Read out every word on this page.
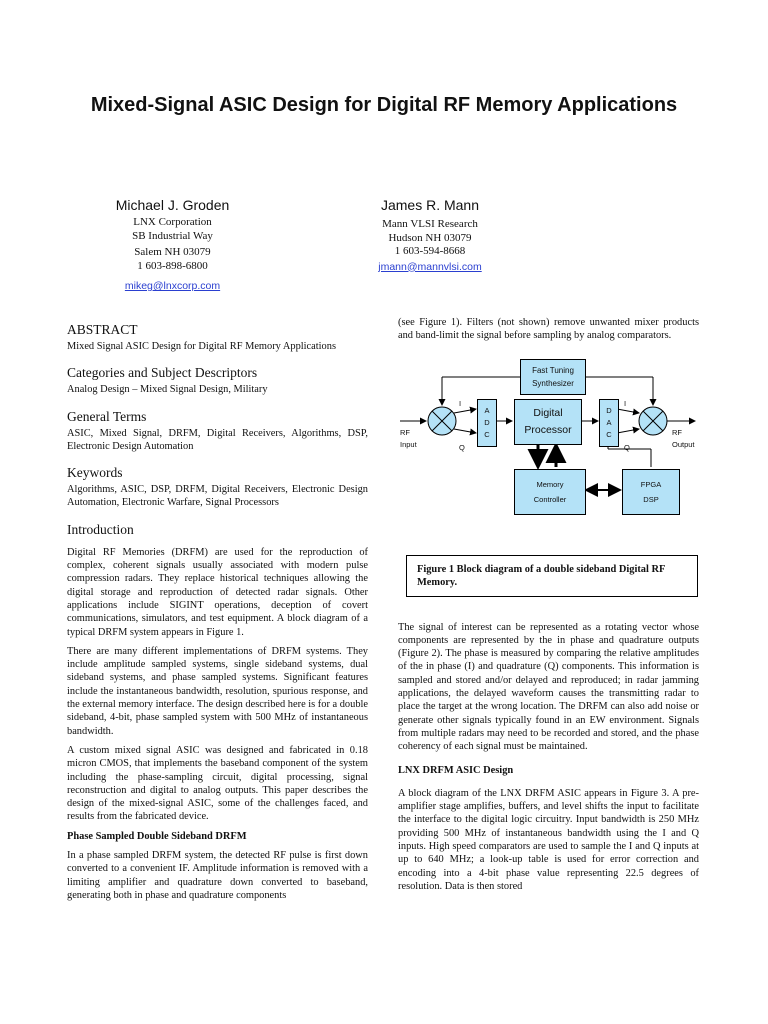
Mixed-Signal ASIC Design for Digital RF Memory Applications
Michael J. Groden
LNX Corporation
SB Industrial Way
Salem NH 03079
1 603-898-6800
mikeg@lnxcorp.com
James R. Mann
Mann VLSI Research
Hudson NH 03079
1 603-594-8668
jmann@mannvlsi.com
ABSTRACT

Mixed Signal ASIC Design for Digital RF Memory Applications

Categories and Subject Descriptors

Analog Design – Mixed Signal Design, Military

General Terms

ASIC, Mixed Signal, DRFM, Digital Receivers, Algorithms, DSP, Electronic Design Automation

Keywords

Algorithms, ASIC, DSP, DRFM, Digital Receivers, Electronic Design Automation, Electronic Warfare, Signal Processors

Introduction

Digital RF Memories (DRFM) are used for the reproduction of complex, coherent signals usually associated with modern pulse compression radars. They replace historical techniques allowing the digital storage and reproduction of detected radar signals. Other applications include SIGINT operations, deception of covert communications, simulators, and test equipment. A block diagram of a typical DRFM system appears in Figure 1.

There are many different implementations of DRFM systems. They include amplitude sampled systems, single sideband systems, dual sideband systems, and phase sampled systems. Significant features include the instantaneous bandwidth, resolution, spurious response, and the external memory interface. The design described here is for a double sideband, 4-bit, phase sampled system with 500 MHz of instantaneous bandwidth.

A custom mixed signal ASIC was designed and fabricated in 0.18 micron CMOS, that implements the baseband component of the system including the phase-sampling circuit, digital processing, signal reconstruction and digital to analog outputs. This paper describes the design of the mixed-signal ASIC, some of the challenges faced, and results from the fabricated device.

Phase Sampled Double Sideband DRFM

In a phase sampled DRFM system, the detected RF pulse is first down converted to a convenient IF. Amplitude information is removed with a limiting amplifier and quadrature down converted to baseband, generating both in phase and quadrature components

(see Figure 1). Filters (not shown) remove unwanted mixer products and band-limit the signal before sampling by analog comparators.

Fast Tuning
Synthesizer
A
D
C
Digital
Processor
D
A
C
Memory
Controller
FPGA
DSP
RF
Input
RF
Output
I
Q
I
Q
Figure 1 Block diagram of a double sideband Digital RF Memory.

The signal of interest can be represented as a rotating vector whose components are represented by the in phase and quadrature outputs (Figure 2). The phase is measured by comparing the relative amplitudes of the in phase (I) and quadrature (Q) components. This information is sampled and stored and/or delayed and reproduced; in radar jamming applications, the delayed waveform causes the transmitting radar to place the target at the wrong location. The DRFM can also add noise or generate other signals typically found in an EW environment. Signals from multiple radars may need to be recorded and stored, and the phase coherency of each signal must be maintained.

LNX DRFM ASIC Design

A block diagram of the LNX DRFM ASIC appears in Figure 3. A pre-amplifier stage amplifies, buffers, and level shifts the input to facilitate the interface to the digital logic circuitry. Input bandwidth is 250 MHz providing 500 MHz of instantaneous bandwidth using the I and Q inputs. High speed comparators are used to sample the I and Q inputs at up to 640 MHz; a look-up table is used for error correction and encoding into a 4-bit phase value representing 22.5 degrees of resolution. Data is then stored
